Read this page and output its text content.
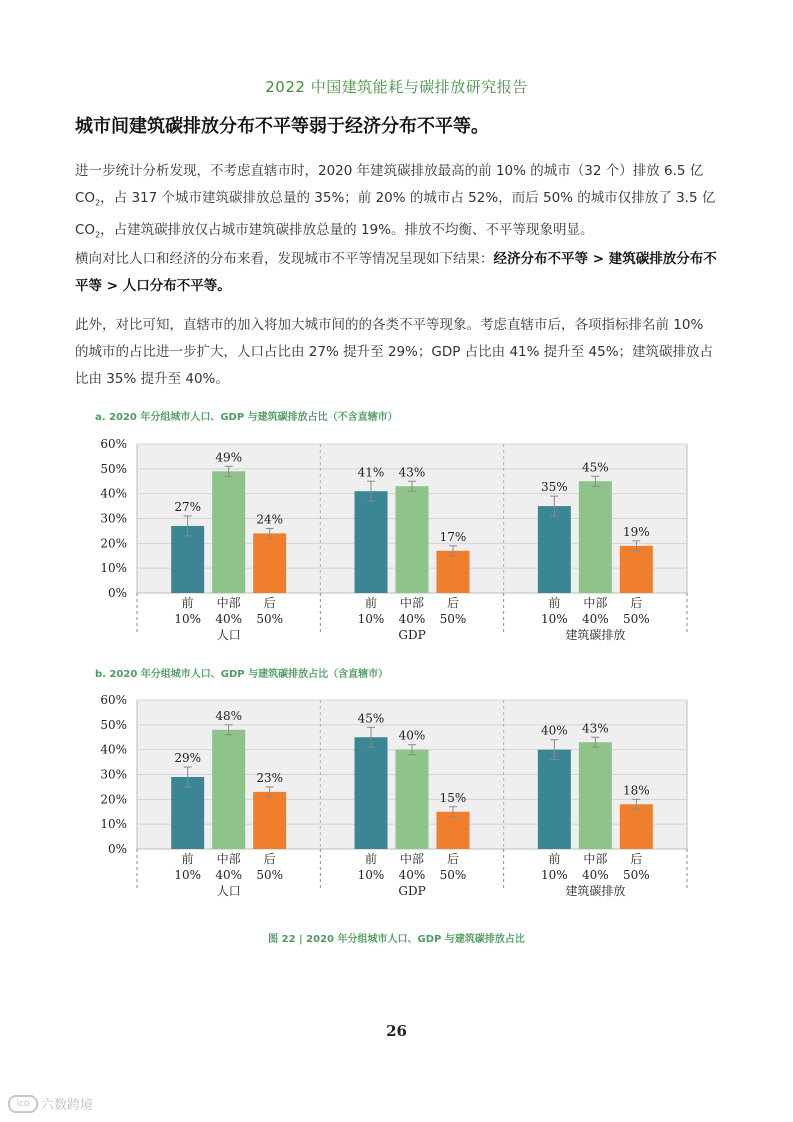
2022 中国建筑能耗与碳排放研究报告
城市间建筑碳排放分布不平等弱于经济分布不平等。
进一步统计分析发现，不考虑直辖市时，2020 年建筑碳排放最高的前 10% 的城市（32 个）排放 6.5 亿 $CO_2$，占 317 个城市建筑碳排放总量的 35%；前 20% 的城市占 52%，而后 50% 的城市仅排放了 3.5 亿 $CO_2$，占建筑碳排放仅占城市建筑碳排放总量的 19%。排放不均衡、不平等现象明显。
横向对比人口和经济的分布来看，发现城市不平等情况呈现如下结果：经济分布不平等 > 建筑碳排放分布不平等 > 人口分布不平等。
此外，对比可知，直辖市的加入将加大城市间的的各类不平等现象。考虑直辖市后，各项指标排名前 10% 的城市的占比进一步扩大，人口占比由 27% 提升至 29%；GDP 占比由 41% 提升至 45%；建筑碳排放占比由 35% 提升至 40%。
a. 2020 年分组城市人口、GDP 与建筑碳排放占比（不含直辖市）
0%
10%
20%
30%
40%
50%
60%
27%
前
10%
49%
中部
40%
24%
后
50%
人口
41%
前
10%
43%
中部
40%
17%
后
50%
GDP
35%
前
10%
45%
中部
40%
19%
后
50%
建筑碳排放
b. 2020 年分组城市人口、GDP 与建筑碳排放占比（含直辖市）
0%
10%
20%
30%
40%
50%
60%
29%
前
10%
48%
中部
40%
23%
后
50%
人口
45%
前
10%
40%
中部
40%
15%
后
50%
GDP
40%
前
10%
43%
中部
40%
18%
后
50%
建筑碳排放
图 22 | 2020 年分组城市人口、GDP 与建筑碳排放占比
26
ico 六数跨境
